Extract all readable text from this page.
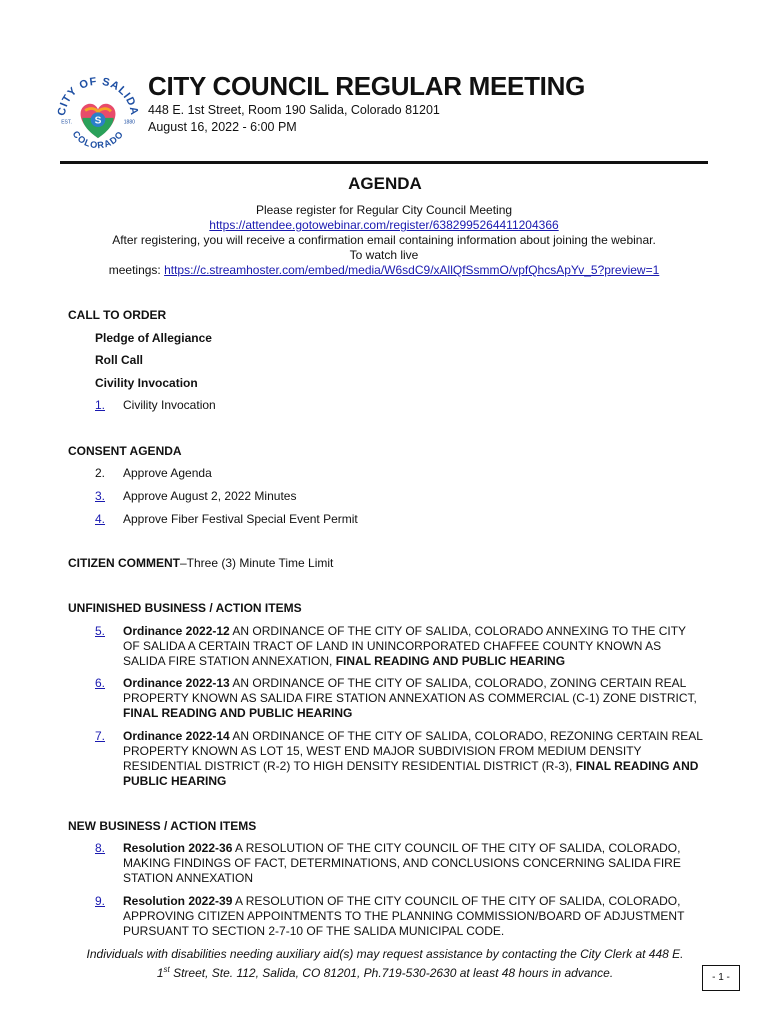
CITY OF SALIDA
COLORADO
EST.	1880
S
CITY COUNCIL REGULAR MEETING
448 E. 1st Street, Room 190 Salida, Colorado 81201
August 16, 2022 - 6:00 PM
AGENDA
Please register for Regular City Council Meeting
https://attendee.gotowebinar.com/register/6382995264411204366
After registering, you will receive a confirmation email containing information about joining the webinar.
To watch live
meetings: https://c.streamhoster.com/embed/media/W6sdC9/xAllQfSsmmO/vpfQhcsApYv_5?preview=1
CALL TO ORDER
Pledge of Allegiance
Roll Call
Civility Invocation
1.	Civility Invocation
CONSENT AGENDA
2.	Approve Agenda
3.	Approve August 2, 2022 Minutes
4.	Approve Fiber Festival Special Event Permit
CITIZEN COMMENT–Three (3) Minute Time Limit
UNFINISHED BUSINESS / ACTION ITEMS
5.	Ordinance 2022-12 AN ORDINANCE OF THE CITY OF SALIDA, COLORADO ANNEXING TO THE CITY OF SALIDA A CERTAIN TRACT OF LAND IN UNINCORPORATED CHAFFEE COUNTY KNOWN AS SALIDA FIRE STATION ANNEXATION, FINAL READING AND PUBLIC HEARING
6.	Ordinance 2022-13 AN ORDINANCE OF THE CITY OF SALIDA, COLORADO, ZONING CERTAIN REAL PROPERTY KNOWN AS SALIDA FIRE STATION ANNEXATION AS COMMERCIAL (C-1) ZONE DISTRICT, FINAL READING AND PUBLIC HEARING
7.	Ordinance 2022-14 AN ORDINANCE OF THE CITY OF SALIDA, COLORADO, REZONING CERTAIN REAL PROPERTY KNOWN AS LOT 15, WEST END MAJOR SUBDIVISION FROM MEDIUM DENSITY RESIDENTIAL DISTRICT (R-2) TO HIGH DENSITY RESIDENTIAL DISTRICT (R-3), FINAL READING AND PUBLIC HEARING
NEW BUSINESS / ACTION ITEMS
8.	Resolution 2022-36 A RESOLUTION OF THE CITY COUNCIL OF THE CITY OF SALIDA, COLORADO, MAKING FINDINGS OF FACT, DETERMINATIONS, AND CONCLUSIONS CONCERNING SALIDA FIRE STATION ANNEXATION
9.	Resolution 2022-39 A RESOLUTION OF THE CITY COUNCIL OF THE CITY OF SALIDA, COLORADO, APPROVING CITIZEN APPOINTMENTS TO THE PLANNING COMMISSION/BOARD OF ADJUSTMENT PURSUANT TO SECTION 2-7-10 OF THE SALIDA MUNICIPAL CODE.
Individuals with disabilities needing auxiliary aid(s) may request assistance by contacting the City Clerk at 448 E.
1st Street, Ste. 112, Salida, CO 81201, Ph.719-530-2630 at least 48 hours in advance.	- 1 -
